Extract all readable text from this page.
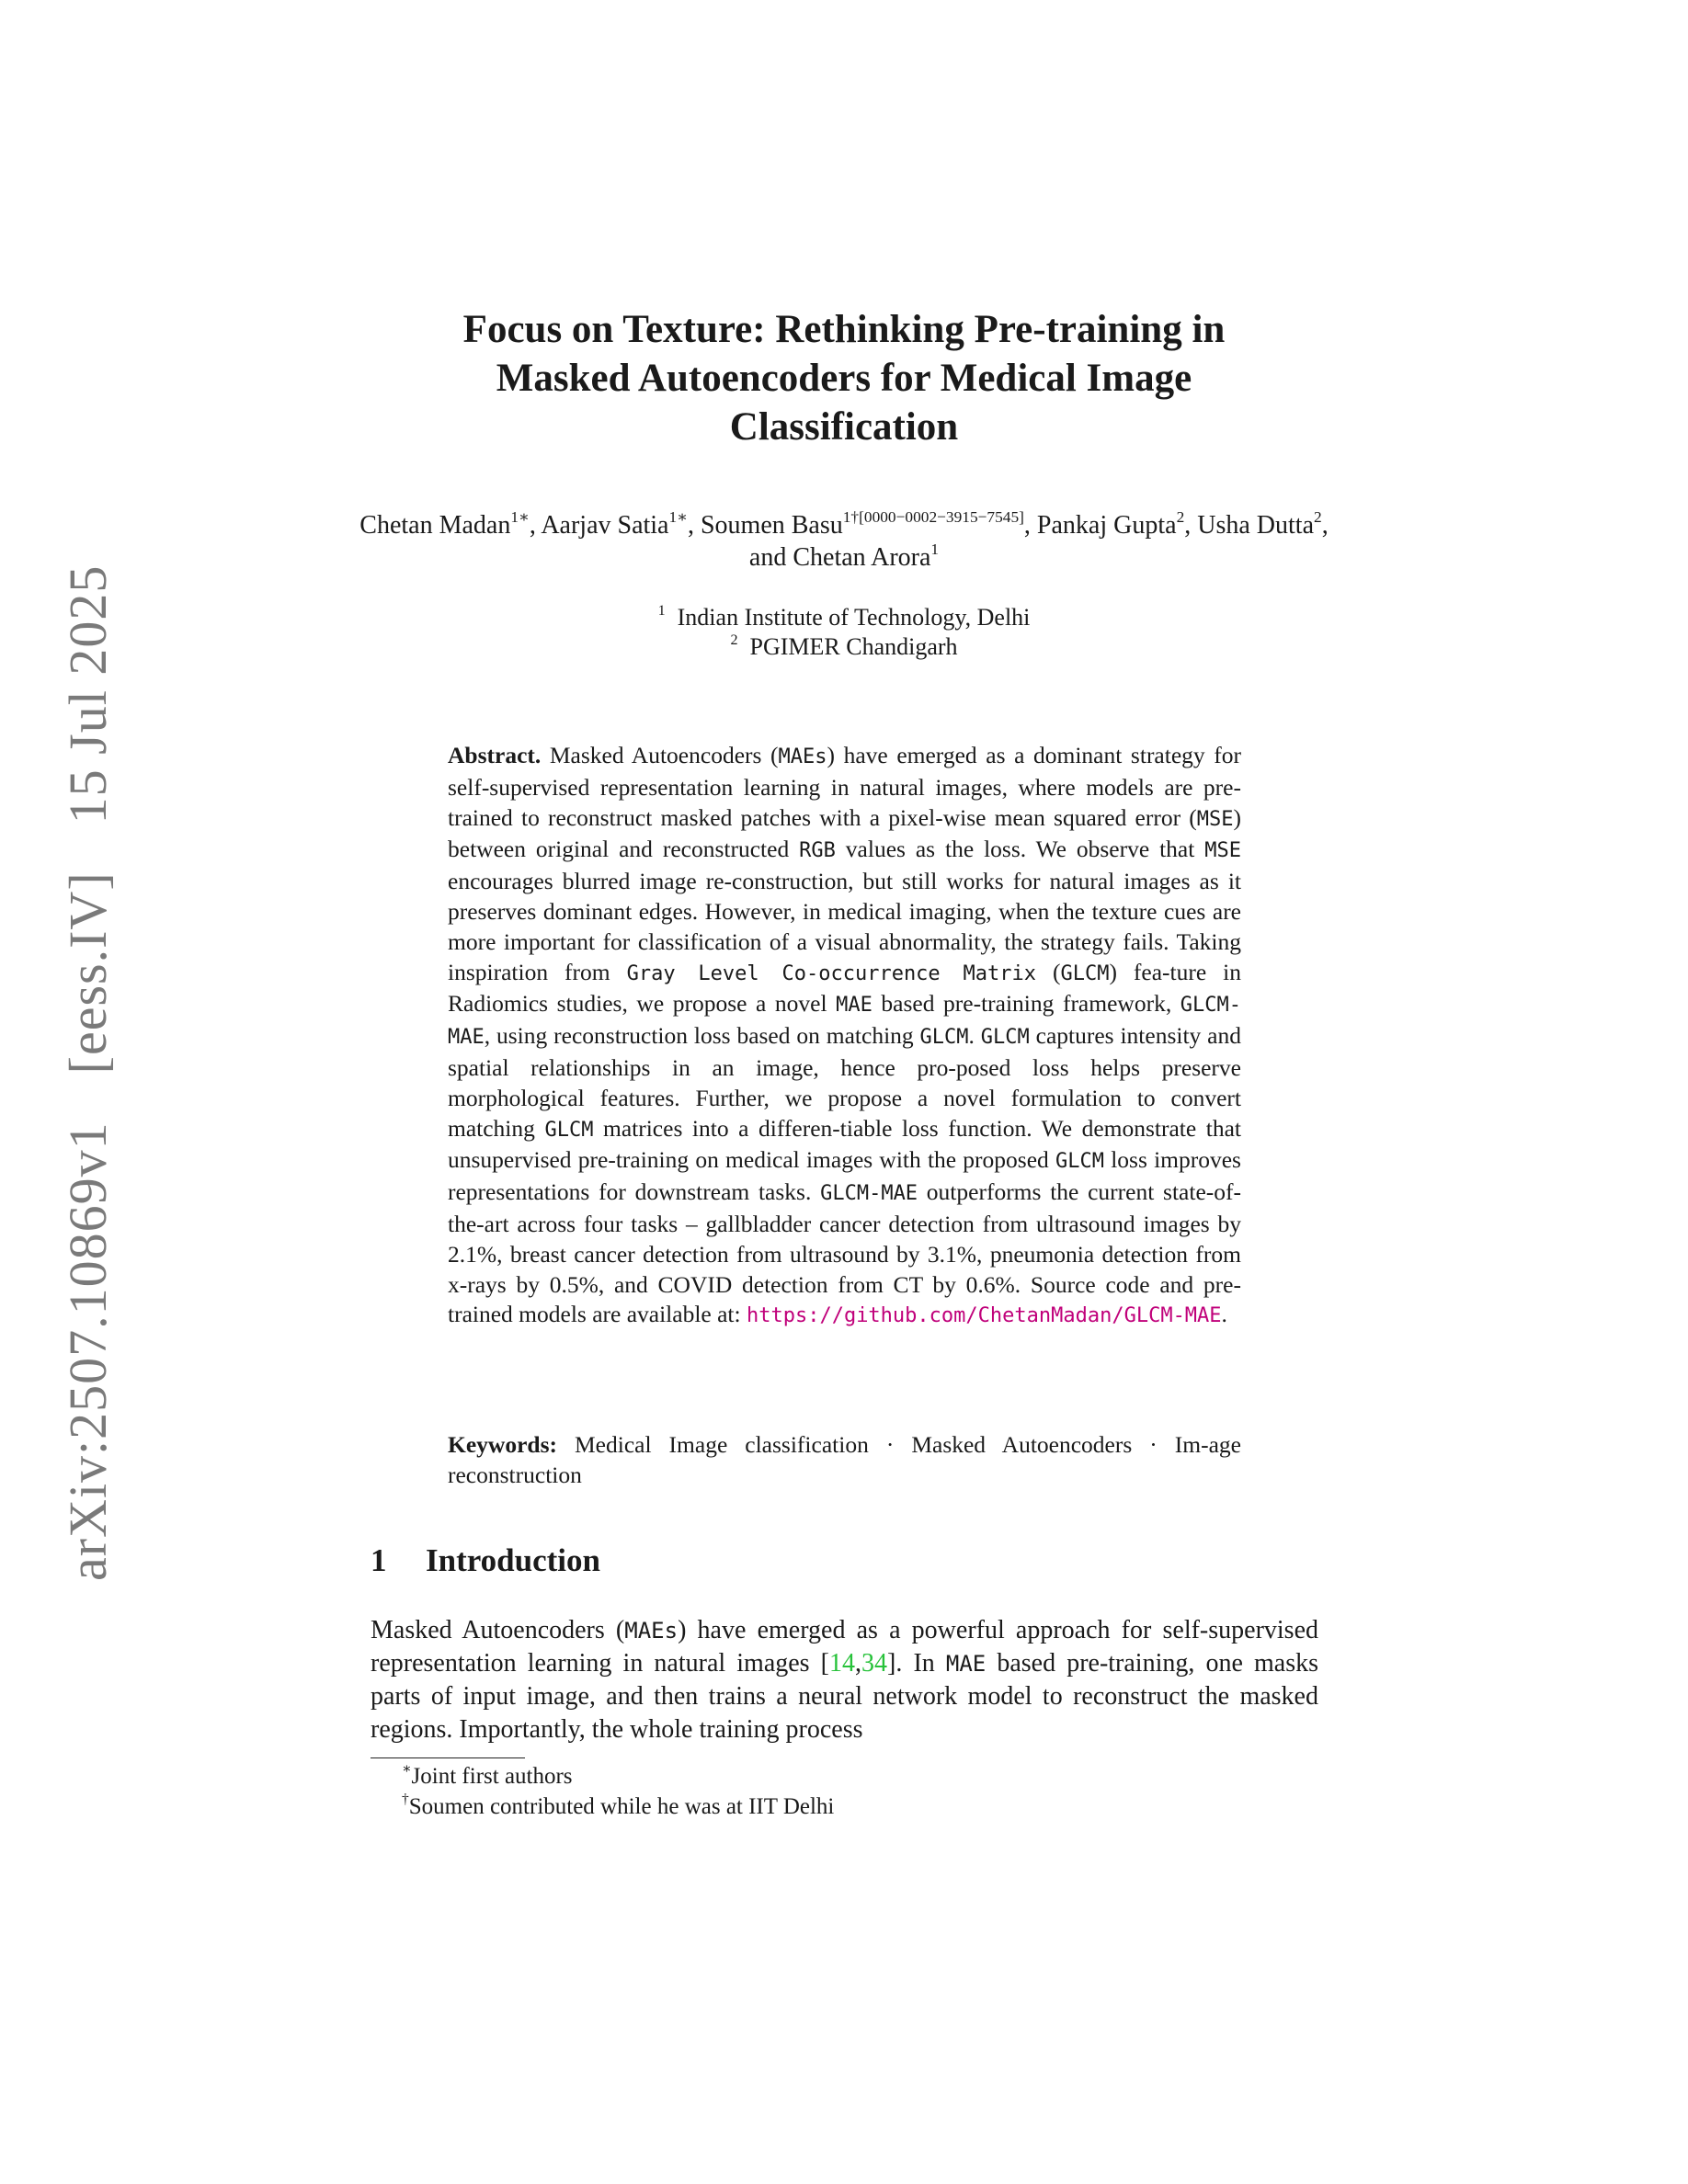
arXiv:2507.10869v1[eess.IV]15 Jul 2025
Focus on Texture: Rethinking Pre-training in
Masked Autoencoders for Medical Image
Classification
Chetan Madan$^{1∗}$, Aarjav Satia$^{1∗}$, Soumen Basu$^{1\dagger[0000-0002-3915-7545]}$, Pankaj Gupta$^2$, Usha Dutta$^2$, and Chetan Arora$^1$
$^1$ Indian Institute of Technology, Delhi
$^2$ PGIMER Chandigarh
Abstract. Masked Autoencoders (MAEs) have emerged as a dominant strategy for self-supervised representation learning in natural images, where models are pre-trained to reconstruct masked patches with a pixel-wise mean squared error (MSE) between original and reconstructed RGB values as the loss. We observe that MSE encourages blurred image re-construction, but still works for natural images as it preserves dominant edges. However, in medical imaging, when the texture cues are more important for classification of a visual abnormality, the strategy fails. Taking inspiration from Gray Level Co-occurrence Matrix (GLCM) fea-ture in Radiomics studies, we propose a novel MAE based pre-training framework, GLCM-MAE, using reconstruction loss based on matching GLCM. GLCM captures intensity and spatial relationships in an image, hence pro-posed loss helps preserve morphological features. Further, we propose a novel formulation to convert matching GLCM matrices into a differen-tiable loss function. We demonstrate that unsupervised pre-training on medical images with the proposed GLCM loss improves representations for downstream tasks. GLCM-MAE outperforms the current state-of-the-art across four tasks – gallbladder cancer detection from ultrasound images by 2.1%, breast cancer detection from ultrasound by 3.1%, pneumonia detection from x-rays by 0.5%, and COVID detection from CT by 0.6%. Source code and pre-trained models are available at: https://github.com/ChetanMadan/GLCM-MAE.
Keywords: Medical Image classification · Masked Autoencoders · Im-age reconstruction
1 Introduction
Masked Autoencoders (MAEs) have emerged as a powerful approach for self-supervised representation learning in natural images [14,34]. In MAE based pre-training, one masks parts of input image, and then trains a neural network model to reconstruct the masked regions. Importantly, the whole training process
∗Joint first authors
†Soumen contributed while he was at IIT Delhi
